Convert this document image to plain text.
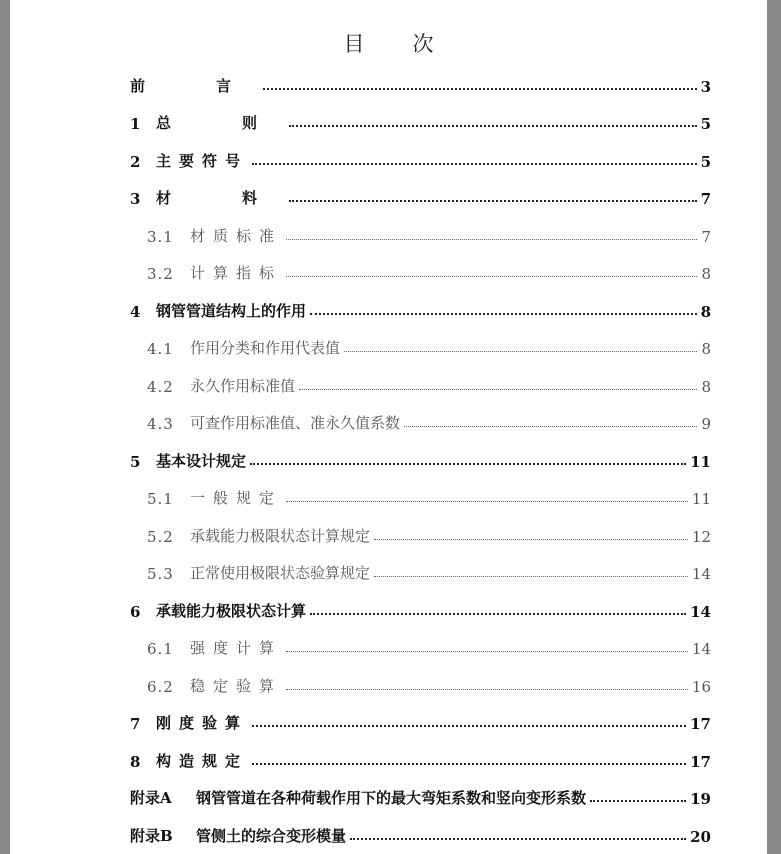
目 次
前　言	3
1	总　则	5
2	主要符号	5
3	材　料	7
3.1	材质标准	7
3.2	计算指标	8
4	钢管管道结构上的作用	8
4.1	作用分类和作用代表值	8
4.2	永久作用标准值	8
4.3	可查作用标准值、准永久值系数	9
5	基本设计规定	11
5.1	一般规定	11
5.2	承载能力极限状态计算规定	12
5.3	正常使用极限状态验算规定	14
6	承载能力极限状态计算	14
6.1	强度计算	14
6.2	稳定验算	16
7	刚度验算	17
8	构造规定	17
附录A	钢管管道在各种荷载作用下的最大弯矩系数和竖向变形系数	19
附录B	管侧土的综合变形模量	20
